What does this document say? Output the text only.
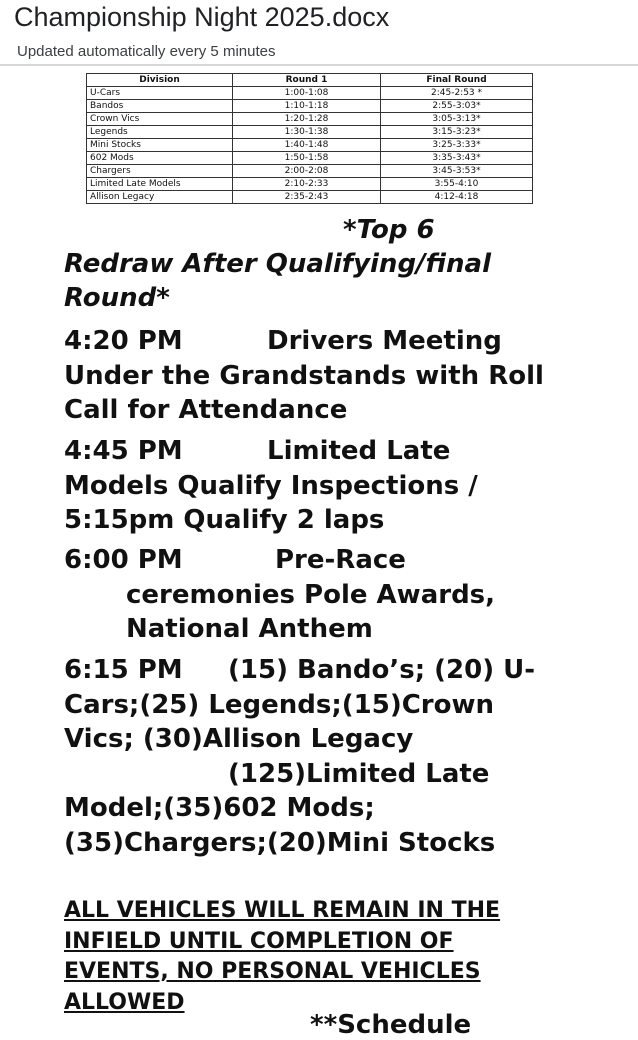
Championship Night 2025.docx
Updated automatically every 5 minutes
Division	Round 1	Final Round
U-Cars	1:00-1:08	2:45-2:53 *
Bandos	1:10-1:18	2:55-3:03*
Crown Vics	1:20-1:28	3:05-3:13*
Legends	1:30-1:38	3:15-3:23*
Mini Stocks	1:40-1:48	3:25-3:33*
602 Mods	1:50-1:58	3:35-3:43*
Chargers	2:00-2:08	3:45-3:53*
Limited Late Models	2:10-2:33	3:55-4:10
Allison Legacy	2:35-2:43	4:12-4:18
*Top 6
Redraw After Qualifying/final
Round*
4:20 PM	Drivers Meeting
Under the Grandstands with Roll
Call for Attendance
4:45 PM	Limited Late
Models Qualify Inspections /
5:15pm Qualify 2 laps
6:00 PM	Pre-Race
ceremonies Pole Awards,
National Anthem
6:15 PM (15) Bando’s; (20) U-
Cars;(25) Legends;(15)Crown
Vics; (30)Allison Legacy
(125)Limited Late
Model;(35)602 Mods;
(35)Chargers;(20)Mini Stocks
ALL VEHICLES WILL REMAIN IN THE
INFIELD UNTIL COMPLETION OF
EVENTS, NO PERSONAL VEHICLES
ALLOWED
**Schedule
